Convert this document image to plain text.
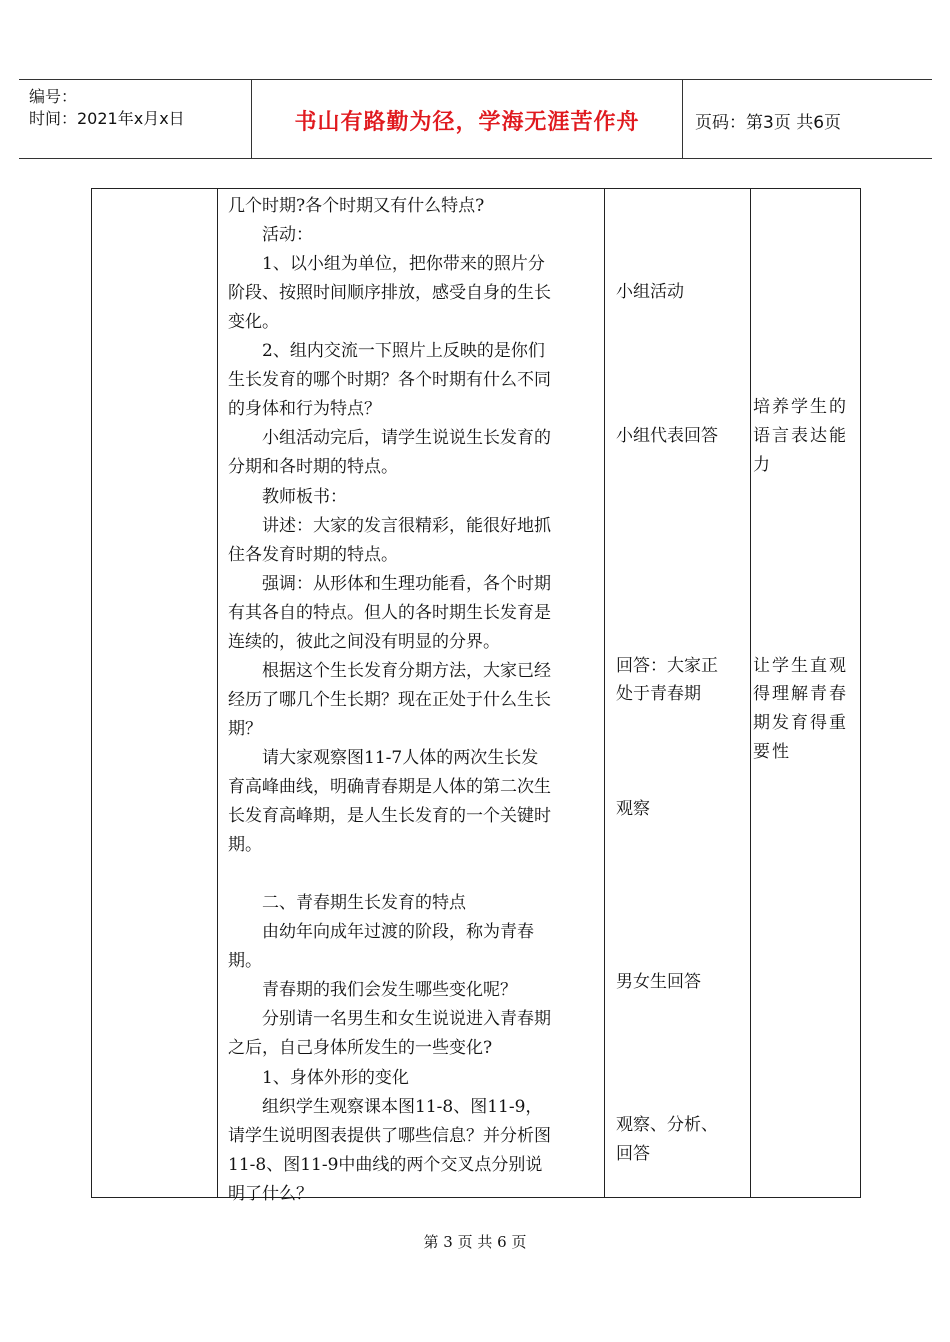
编号：
时间：2021年x月x日	书山有路勤为径，学海无涯苦作舟	页码：第3页 共6页
几个时期?各个时期又有什么特点?
　　活动：
　　1、以小组为单位，把你带来的照片分
阶段、按照时间顺序排放，感受自身的生长
变化。
　　2、组内交流一下照片上反映的是你们
生长发育的哪个时期？各个时期有什么不同
的身体和行为特点？
　　小组活动完后，请学生说说生长发育的
分期和各时期的特点。
　　教师板书：
　　讲述：大家的发言很精彩，能很好地抓
住各发育时期的特点。
　　强调：从形体和生理功能看，各个时期
有其各自的特点。但人的各时期生长发育是
连续的，彼此之间没有明显的分界。
　　根据这个生长发育分期方法，大家已经
经历了哪几个生长期？现在正处于什么生长
期？
　　请大家观察图11-7人体的两次生长发
育高峰曲线，明确青春期是人体的第二次生
长发育高峰期，是人生长发育的一个关键时
期。
　　二、青春期生长发育的特点
　　由幼年向成年过渡的阶段，称为青春
期。
　　青春期的我们会发生哪些变化呢？
　　分别请一名男生和女生说说进入青春期
之后，自己身体所发生的一些变化?
　　1、身体外形的变化
　　组织学生观察课本图11-8、图11-9，
请学生说明图表提供了哪些信息？并分析图
11-8、图11-9中曲线的两个交叉点分别说
明了什么？
小组活动
小组代表回答
回答：大家正
处于青春期
观察
男女生回答
观察、分析、
回答
培养学生的
语言表达能
力
让学生直观
得理解青春
期发育得重
要性
第 3 页 共 6 页
